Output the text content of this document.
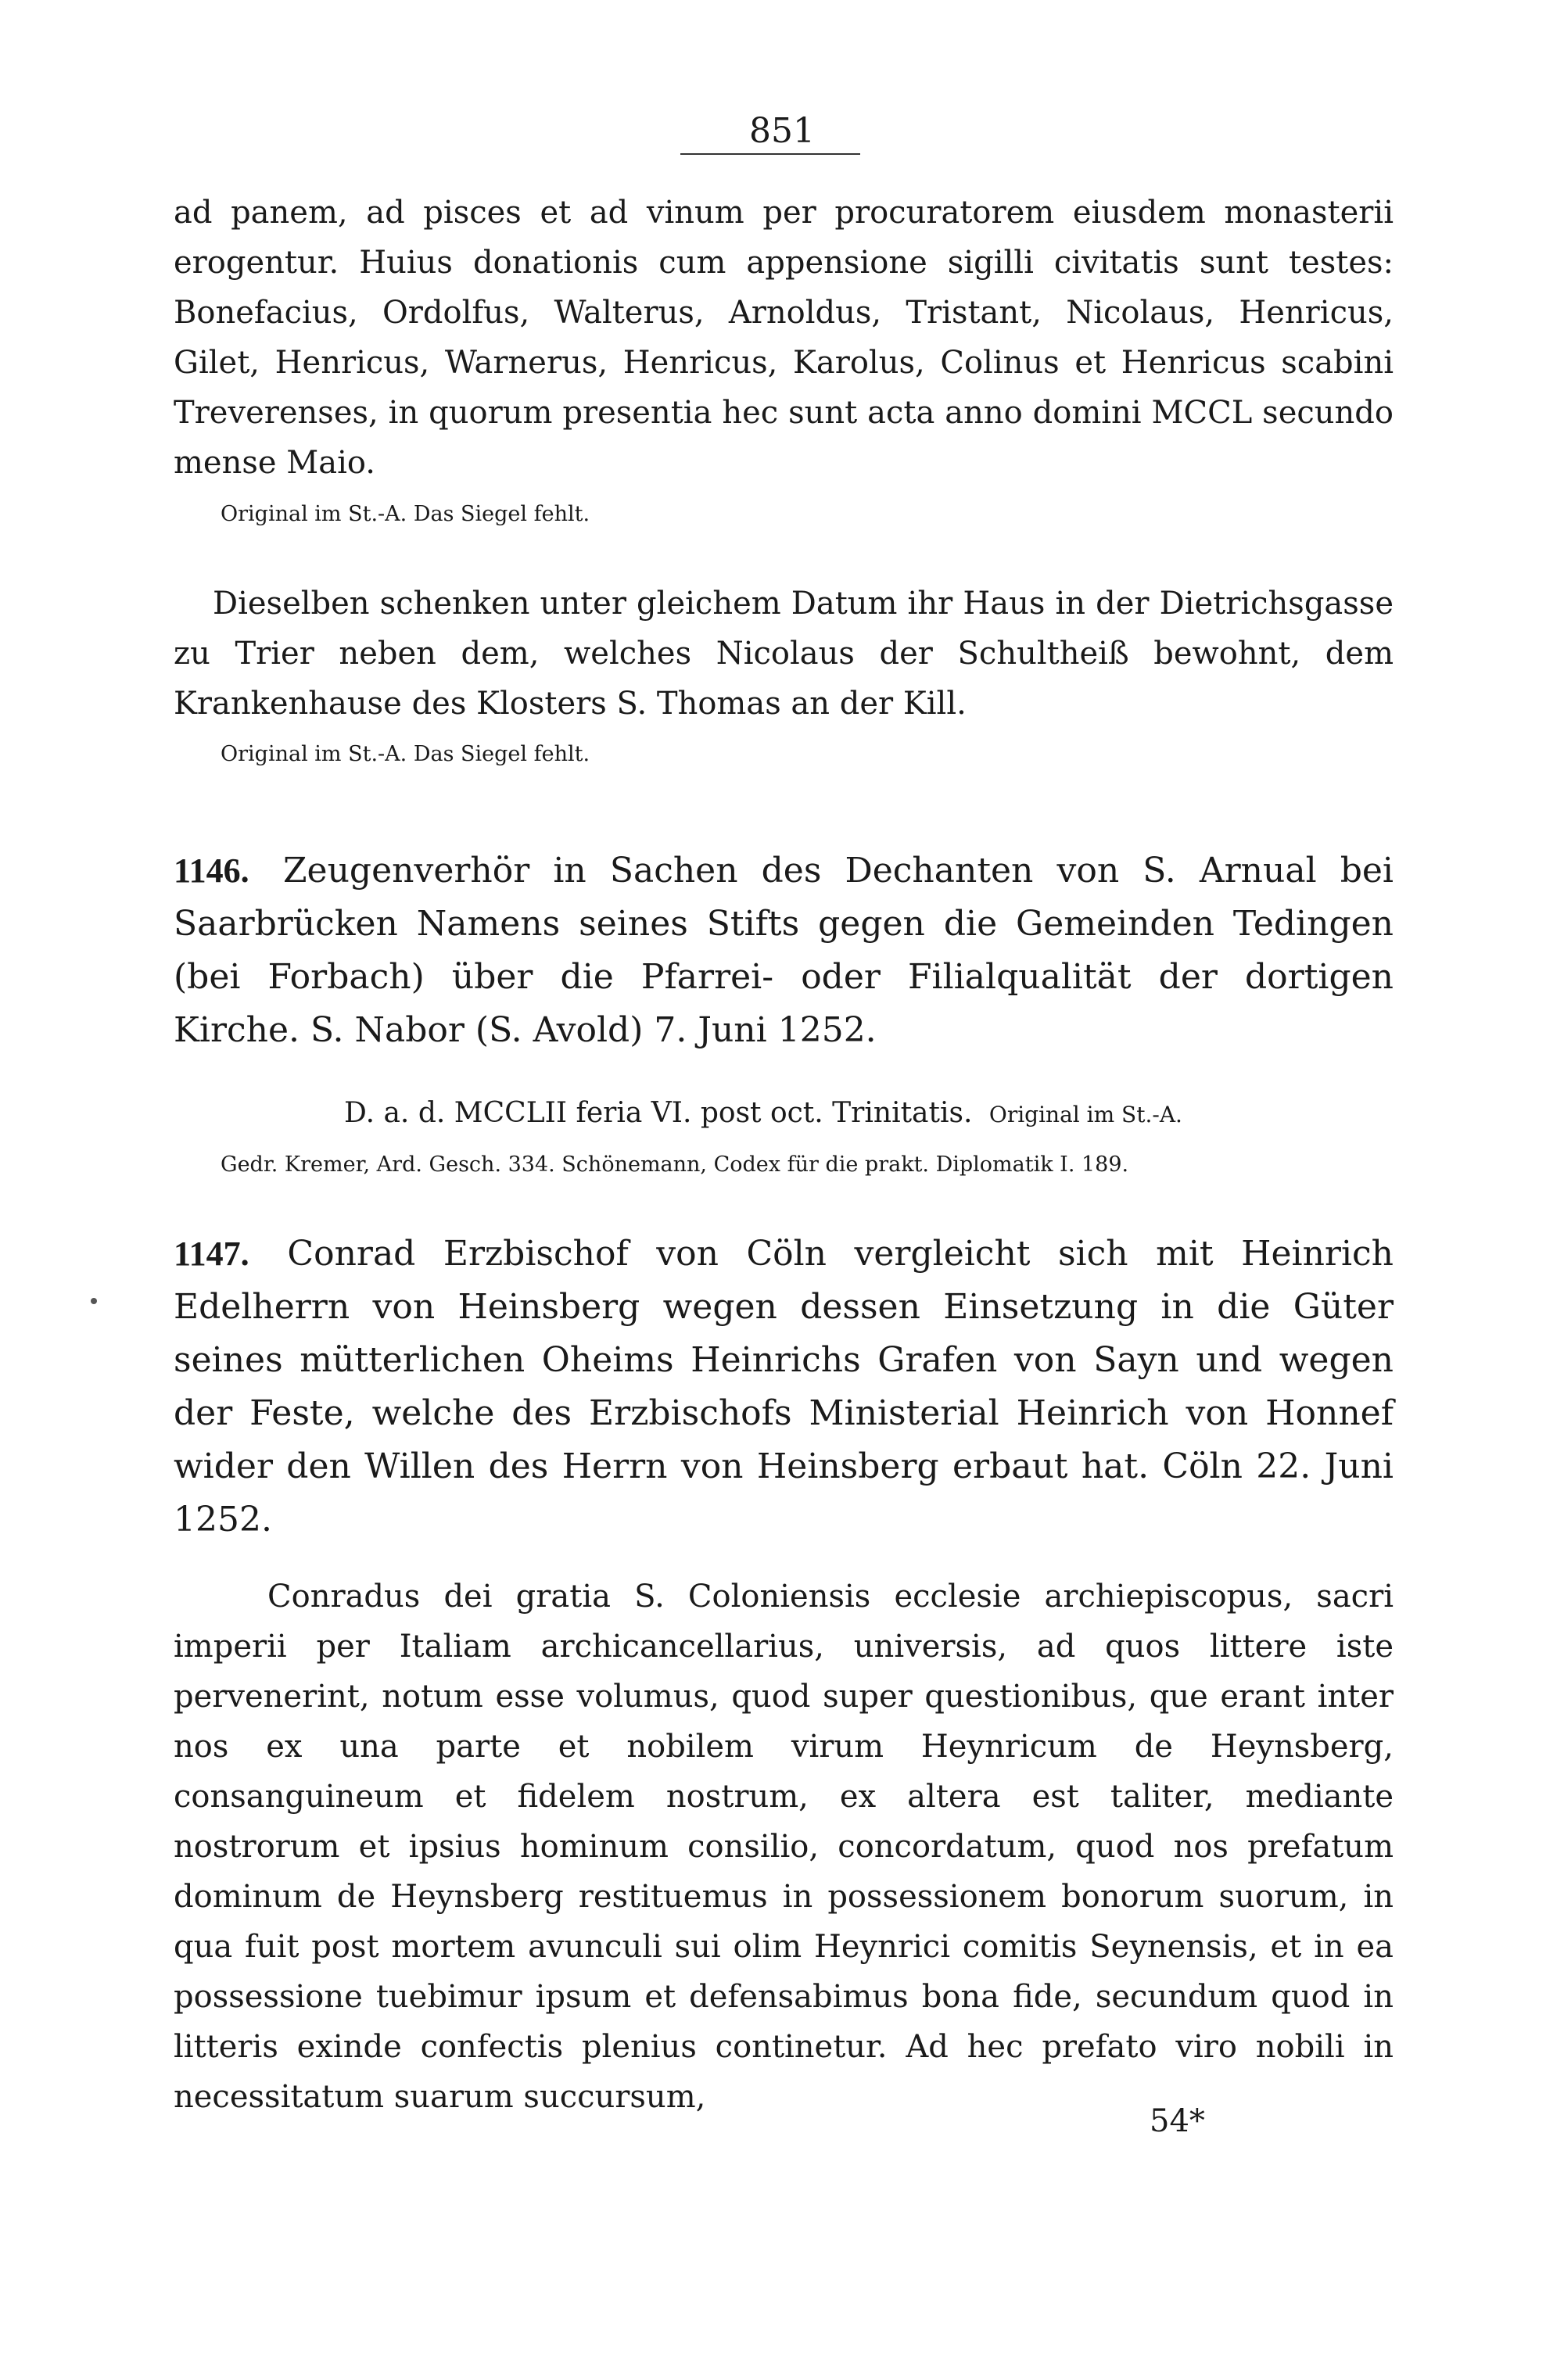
851

ad panem, ad pisces et ad vinum per procuratorem eiusdem monasterii erogentur. Huius donationis cum appensione sigilli civitatis sunt testes: Bonefacius, Ordolfus, Walterus, Arnoldus, Tristant, Nicolaus, Henricus, Gilet, Henricus, Warnerus, Henricus, Karolus, Colinus et Henricus scabini Treverenses, in quorum presentia hec sunt acta anno domini MCCL secundo mense Maio.

Original im St.-A. Das Siegel fehlt.

Dieselben schenken unter gleichem Datum ihr Haus in der Dietrichsgasse zu Trier neben dem, welches Nicolaus der Schultheiß bewohnt, dem Krankenhause des Klosters S. Thomas an der Kill.

Original im St.-A. Das Siegel fehlt.

1146. Zeugenverhör in Sachen des Dechanten von S. Arnual bei Saarbrücken Namens seines Stifts gegen die Gemeinden Tedingen (bei Forbach) über die Pfarrei- oder Filialqualität der dortigen Kirche. S. Nabor (S. Avold) 7. Juni 1252.

D. a. d. MCCLII feria VI. post oct. Trinitatis. Original im St.-A.

Gedr. Kremer, Ard. Gesch. 334. Schönemann, Codex für die prakt. Diplomatik I. 189.

1147. Conrad Erzbischof von Cöln vergleicht sich mit Heinrich Edelherrn von Heinsberg wegen dessen Einsetzung in die Güter seines mütterlichen Oheims Heinrichs Grafen von Sayn und wegen der Feste, welche des Erzbischofs Ministerial Heinrich von Honnef wider den Willen des Herrn von Heinsberg erbaut hat. Cöln 22. Juni 1252.

Conradus dei gratia S. Coloniensis ecclesie archiepiscopus, sacri imperii per Italiam archicancellarius, universis, ad quos littere iste pervenerint, notum esse volumus, quod super questionibus, que erant inter nos ex una parte et nobilem virum Heynricum de Heynsberg, consanguineum et fidelem nostrum, ex altera est taliter, mediante nostrorum et ipsius hominum consilio, concordatum, quod nos prefatum dominum de Heynsberg restituemus in possessionem bonorum suorum, in qua fuit post mortem avunculi sui olim Heynrici comitis Seynensis, et in ea possessione tuebimur ipsum et defensabimus bona fide, secundum quod in litteris exinde confectis plenius continetur. Ad hec prefato viro nobili in necessitatum suarum succursum,

54*
